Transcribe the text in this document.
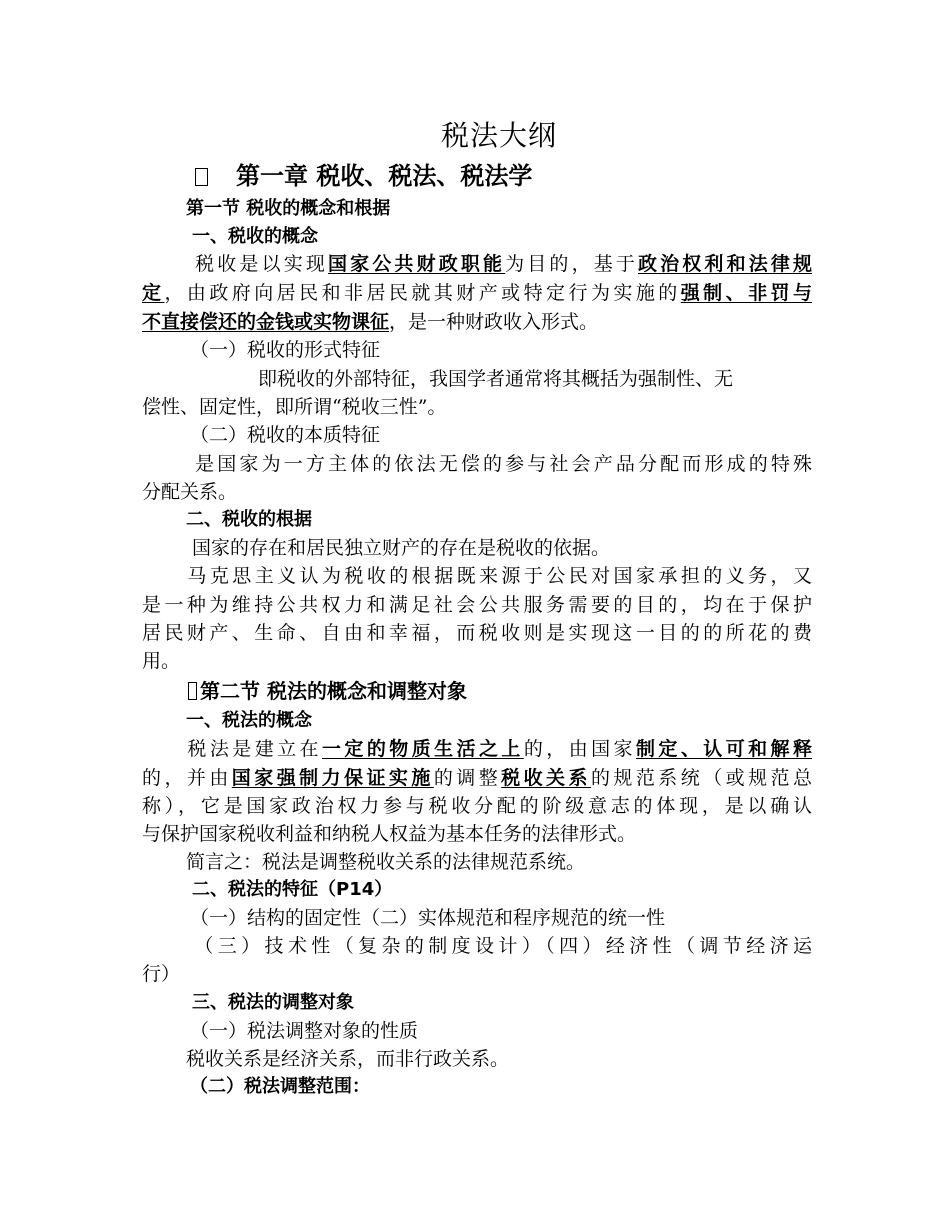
税法大纲
第一章 税收、税法、税法学
第一节 税收的概念和根据
一、税收的概念
税收是以实现国家公共财政职能为目的，基于政治权利和法律规
定，由政府向居民和非居民就其财产或特定行为实施的强制、非罚与
不直接偿还的金钱或实物课征，是一种财政收入形式。
（一）税收的形式特征
即税收的外部特征，我国学者通常将其概括为强制性、无
偿性、固定性，即所谓“税收三性”。
（二）税收的本质特征
是国家为一方主体的依法无偿的参与社会产品分配而形成的特殊
分配关系。
二、税收的根据
国家的存在和居民独立财产的存在是税收的依据。
马克思主义认为税收的根据既来源于公民对国家承担的义务，又
是一种为维持公共权力和满足社会公共服务需要的目的，均在于保护
居民财产、生命、自由和幸福，而税收则是实现这一目的的所花的费
用。
第二节 税法的概念和调整对象
一、税法的概念
税法是建立在一定的物质生活之上的，由国家制定、认可和解释
的，并由国家强制力保证实施的调整税收关系的规范系统（或规范总
称），它是国家政治权力参与税收分配的阶级意志的体现，是以确认
与保护国家税收利益和纳税人权益为基本任务的法律形式。
简言之：税法是调整税收关系的法律规范系统。
二、税法的特征（P14）
（一）结构的固定性（二）实体规范和程序规范的统一性
（三）技术性（复杂的制度设计）（四）经济性（调节经济运
行）
三、税法的调整对象
（一）税法调整对象的性质
税收关系是经济关系，而非行政关系。
（二）税法调整范围：
